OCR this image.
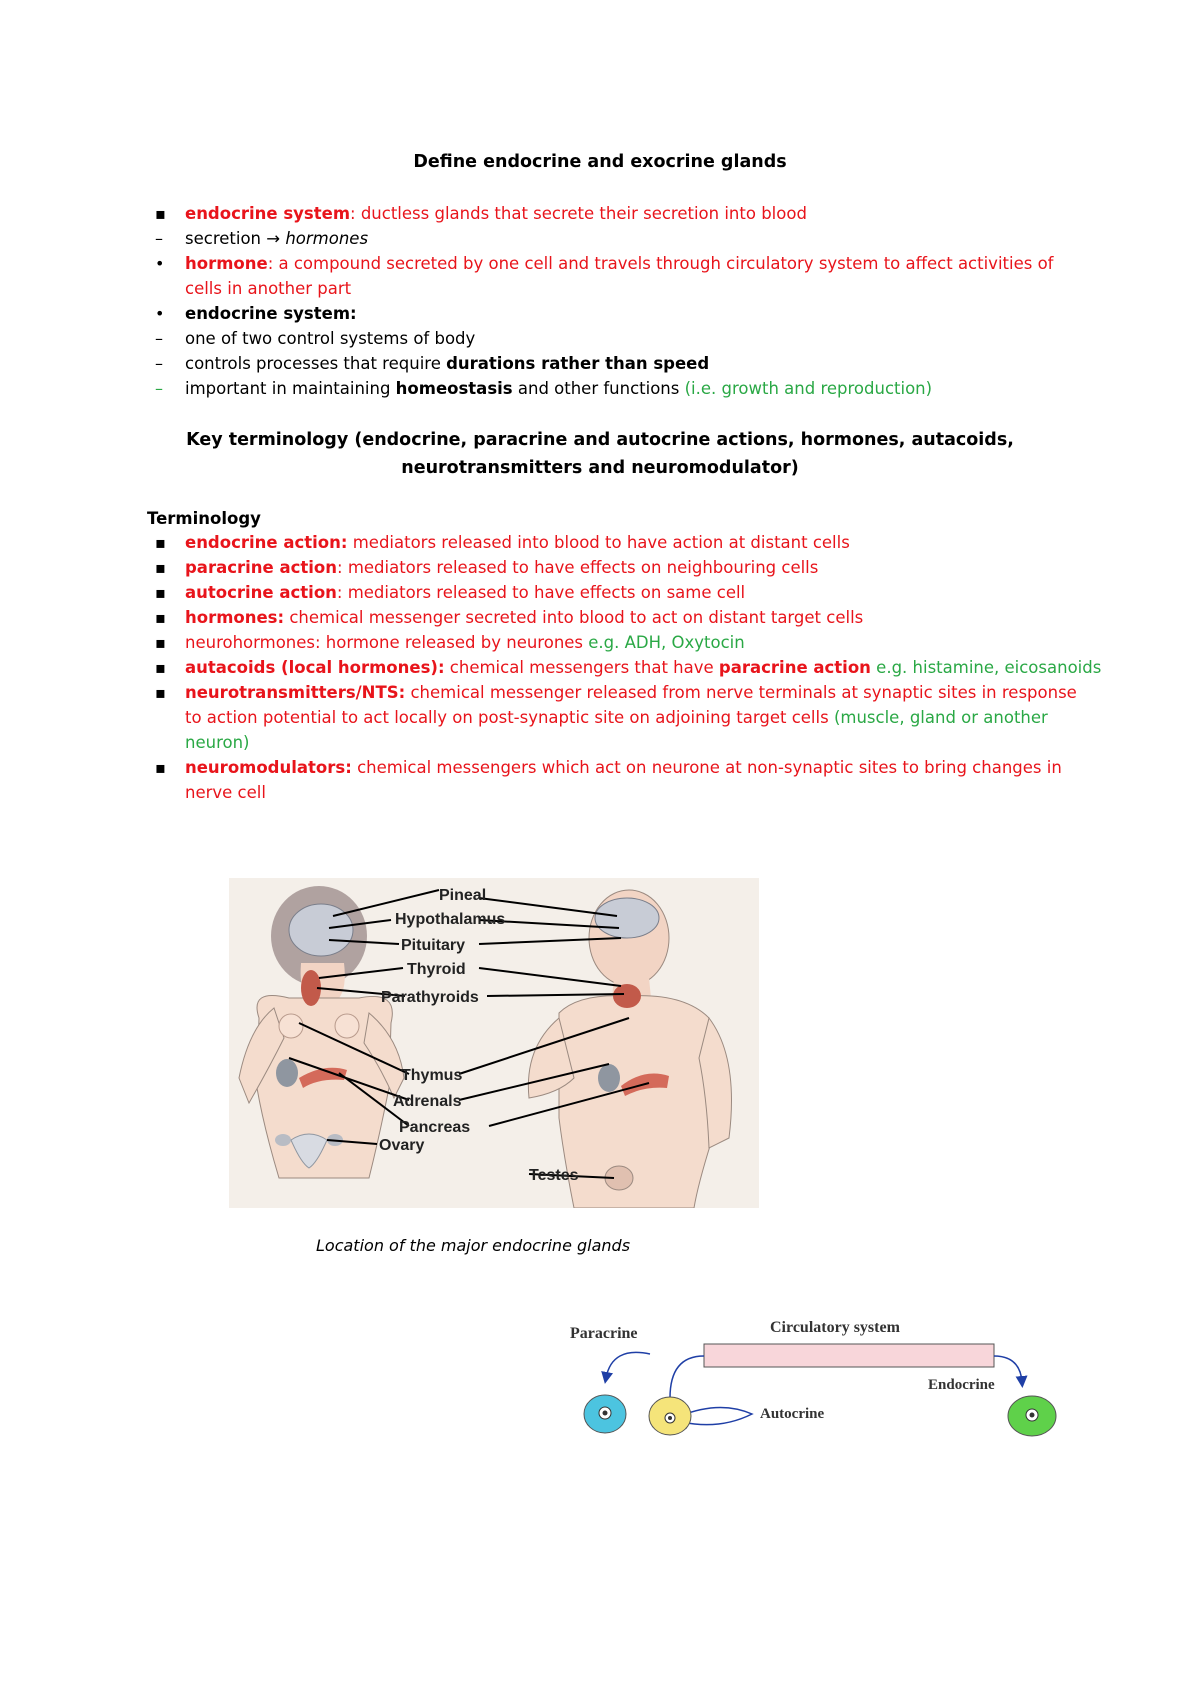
Define endocrine and exocrine glands
▪ endocrine system: ductless glands that secrete their secretion into blood
– secretion → hormones
• hormone: a compound secreted by one cell and travels through circulatory system to affect activities of
cells in another part
• endocrine system:
– one of two control systems of body
– controls processes that require durations rather than speed
– important in maintaining homeostasis and other functions (i.e. growth and reproduction)
Key terminology (endocrine, paracrine and autocrine actions, hormones, autacoids,
neurotransmitters and neuromodulator)
Terminology
▪ endocrine action: mediators released into blood to have action at distant cells
▪ paracrine action: mediators released to have effects on neighbouring cells
▪ autocrine action: mediators released to have effects on same cell
▪ hormones: chemical messenger secreted into blood to act on distant target cells
▪ neurohormones: hormone released by neurones e.g. ADH, Oxytocin
▪ autacoids (local hormones): chemical messengers that have paracrine action e.g. histamine, eicosanoids
▪ neurotransmitters/NTS: chemical messenger released from nerve terminals at synaptic sites in response
to action potential to act locally on post-synaptic site on adjoining target cells (muscle, gland or another
neuron)
▪ neuromodulators: chemical messengers which act on neurone at non-synaptic sites to bring changes in
nerve cell
Pineal
Hypothalamus
Pituitary
Thyroid
Parathyroids
Thymus
Adrenals
Pancreas
Ovary
Testes
Location of the major endocrine glands
Paracrine	Circulatory system
Endocrine
Autocrine
